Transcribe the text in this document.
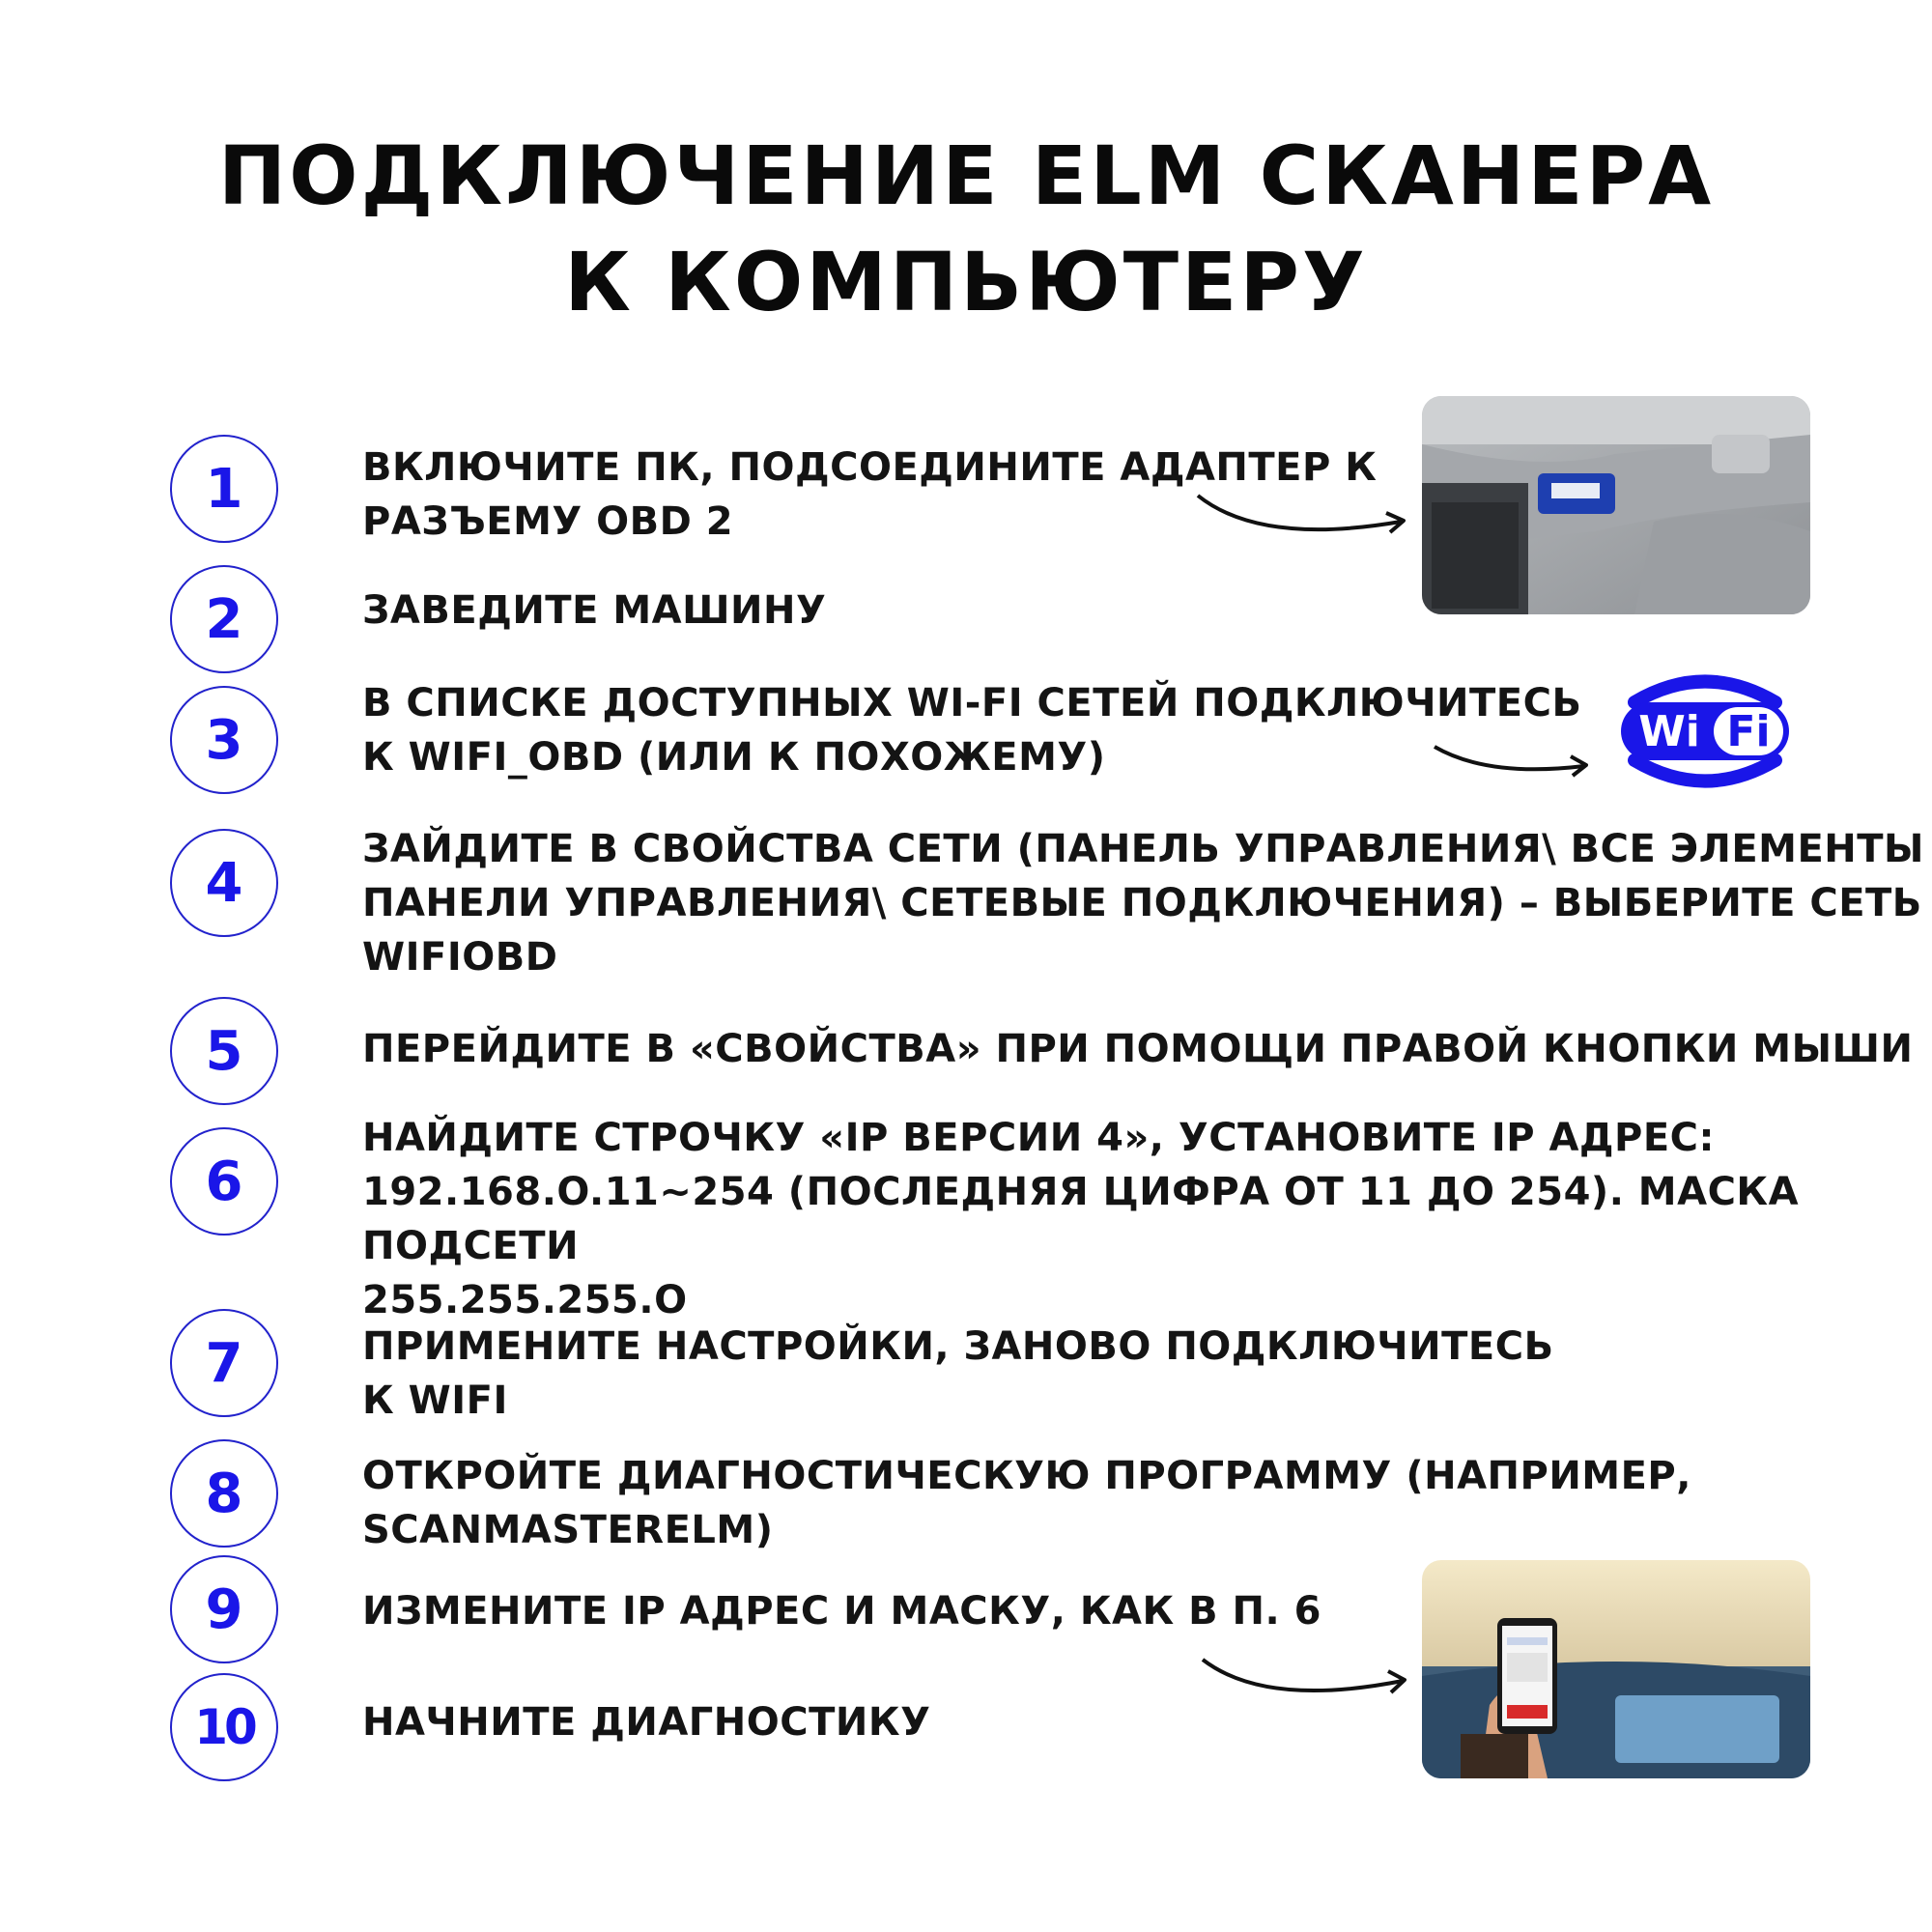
ПОДКЛЮЧЕНИЕ ELM СКАНЕРА
К КОМПЬЮТЕРУ
1
2
3
4
5
6
7
8
9
10
ВКЛЮЧИТЕ ПК, ПОДСОЕДИНИТЕ АДАПТЕР К
РАЗЪЕМУ OBD 2
ЗАВЕДИТЕ МАШИНУ
В СПИСКЕ ДОСТУПНЫХ WI-FI СЕТЕЙ ПОДКЛЮЧИТЕСЬ
К WIFI_OBD (ИЛИ К ПОХОЖЕМУ)
ЗАЙДИТЕ В СВОЙСТВА СЕТИ (ПАНЕЛЬ УПРАВЛЕНИЯ\ ВСЕ ЭЛЕМЕНТЫ
ПАНЕЛИ УПРАВЛЕНИЯ\ СЕТЕВЫЕ ПОДКЛЮЧЕНИЯ) – ВЫБЕРИТЕ СЕТЬ
WIFIOBD
ПЕРЕЙДИТЕ В «СВОЙСТВА» ПРИ ПОМОЩИ ПРАВОЙ КНОПКИ МЫШИ
НАЙДИТЕ СТРОЧКУ «IP ВЕРСИИ 4», УСТАНОВИТЕ IP АДРЕС:
192.168.O.11~254 (ПОСЛЕДНЯЯ ЦИФРА ОТ 11 ДО 254). МАСКА ПОДСЕТИ
255.255.255.O
ПРИМЕНИТЕ НАСТРОЙКИ, ЗАНОВО ПОДКЛЮЧИТЕСЬ
К WIFI
ОТКРОЙТЕ ДИАГНОСТИЧЕСКУЮ ПРОГРАММУ (НАПРИМЕР,
SCANMASTERELM)
ИЗМЕНИТЕ IP АДРЕС И МАСКУ, КАК В П. 6
НАЧНИТЕ ДИАГНОСТИКУ
Wi Fi
